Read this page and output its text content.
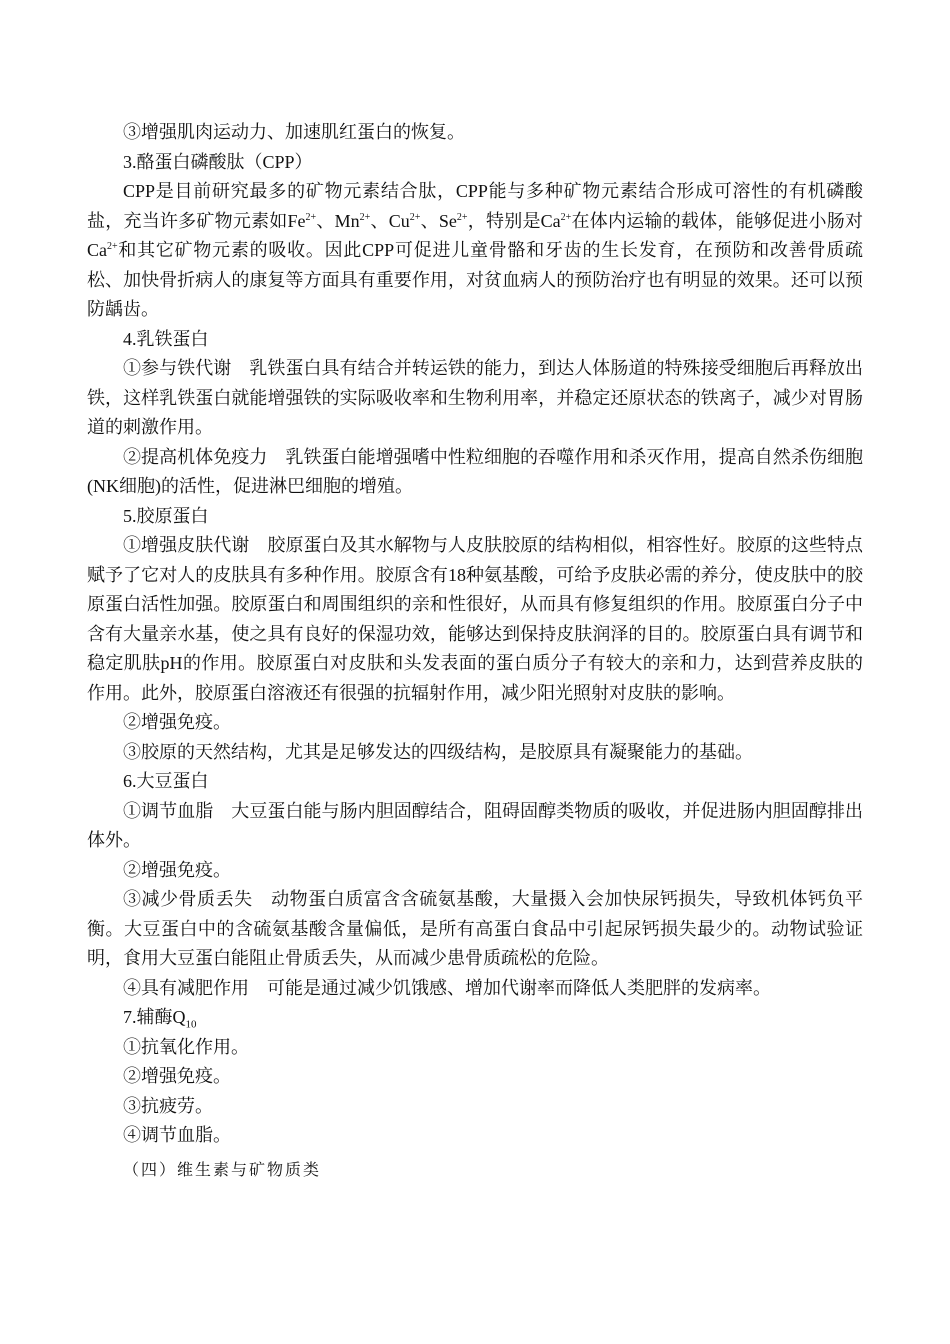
③增强肌肉运动力、加速肌红蛋白的恢复。

3.酪蛋白磷酸肽（CPP）

CPP是目前研究最多的矿物元素结合肽，CPP能与多种矿物元素结合形成可溶性的有机磷酸盐，充当许多矿物元素如$Fe^{2+}$、$Mn^{2+}$、$Cu^{2+}$、$Se^{2+}$，特别是$Ca^{2+}$在体内运输的载体，能够促进小肠对$Ca^{2+}$和其它矿物元素的吸收。因此CPP可促进儿童骨骼和牙齿的生长发育，在预防和改善骨质疏松、加快骨折病人的康复等方面具有重要作用，对贫血病人的预防治疗也有明显的效果。还可以预防龋齿。

4.乳铁蛋白

①参与铁代谢　乳铁蛋白具有结合并转运铁的能力，到达人体肠道的特殊接受细胞后再释放出铁，这样乳铁蛋白就能增强铁的实际吸收率和生物利用率，并稳定还原状态的铁离子，减少对胃肠道的刺激作用。

②提高机体免疫力　乳铁蛋白能增强嗜中性粒细胞的吞噬作用和杀灭作用，提高自然杀伤细胞(NK细胞)的活性，促进淋巴细胞的增殖。

5.胶原蛋白

①增强皮肤代谢　胶原蛋白及其水解物与人皮肤胶原的结构相似，相容性好。胶原的这些特点赋予了它对人的皮肤具有多种作用。胶原含有18种氨基酸，可给予皮肤必需的养分，使皮肤中的胶原蛋白活性加强。胶原蛋白和周围组织的亲和性很好，从而具有修复组织的作用。胶原蛋白分子中含有大量亲水基，使之具有良好的保湿功效，能够达到保持皮肤润泽的目的。胶原蛋白具有调节和稳定肌肤pH的作用。胶原蛋白对皮肤和头发表面的蛋白质分子有较大的亲和力，达到营养皮肤的作用。此外，胶原蛋白溶液还有很强的抗辐射作用，减少阳光照射对皮肤的影响。

②增强免疫。

③胶原的天然结构，尤其是足够发达的四级结构，是胶原具有凝聚能力的基础。

6.大豆蛋白

①调节血脂　大豆蛋白能与肠内胆固醇结合，阻碍固醇类物质的吸收，并促进肠内胆固醇排出体外。

②增强免疫。

③减少骨质丢失　动物蛋白质富含含硫氨基酸，大量摄入会加快尿钙损失，导致机体钙负平衡。大豆蛋白中的含硫氨基酸含量偏低，是所有高蛋白食品中引起尿钙损失最少的。动物试验证明，食用大豆蛋白能阻止骨质丢失，从而减少患骨质疏松的危险。

④具有减肥作用　可能是通过减少饥饿感、增加代谢率而降低人类肥胖的发病率。

7.辅酶$Q_{10}$

①抗氧化作用。

②增强免疫。

③抗疲劳。

④调节血脂。

（四）维生素与矿物质类
